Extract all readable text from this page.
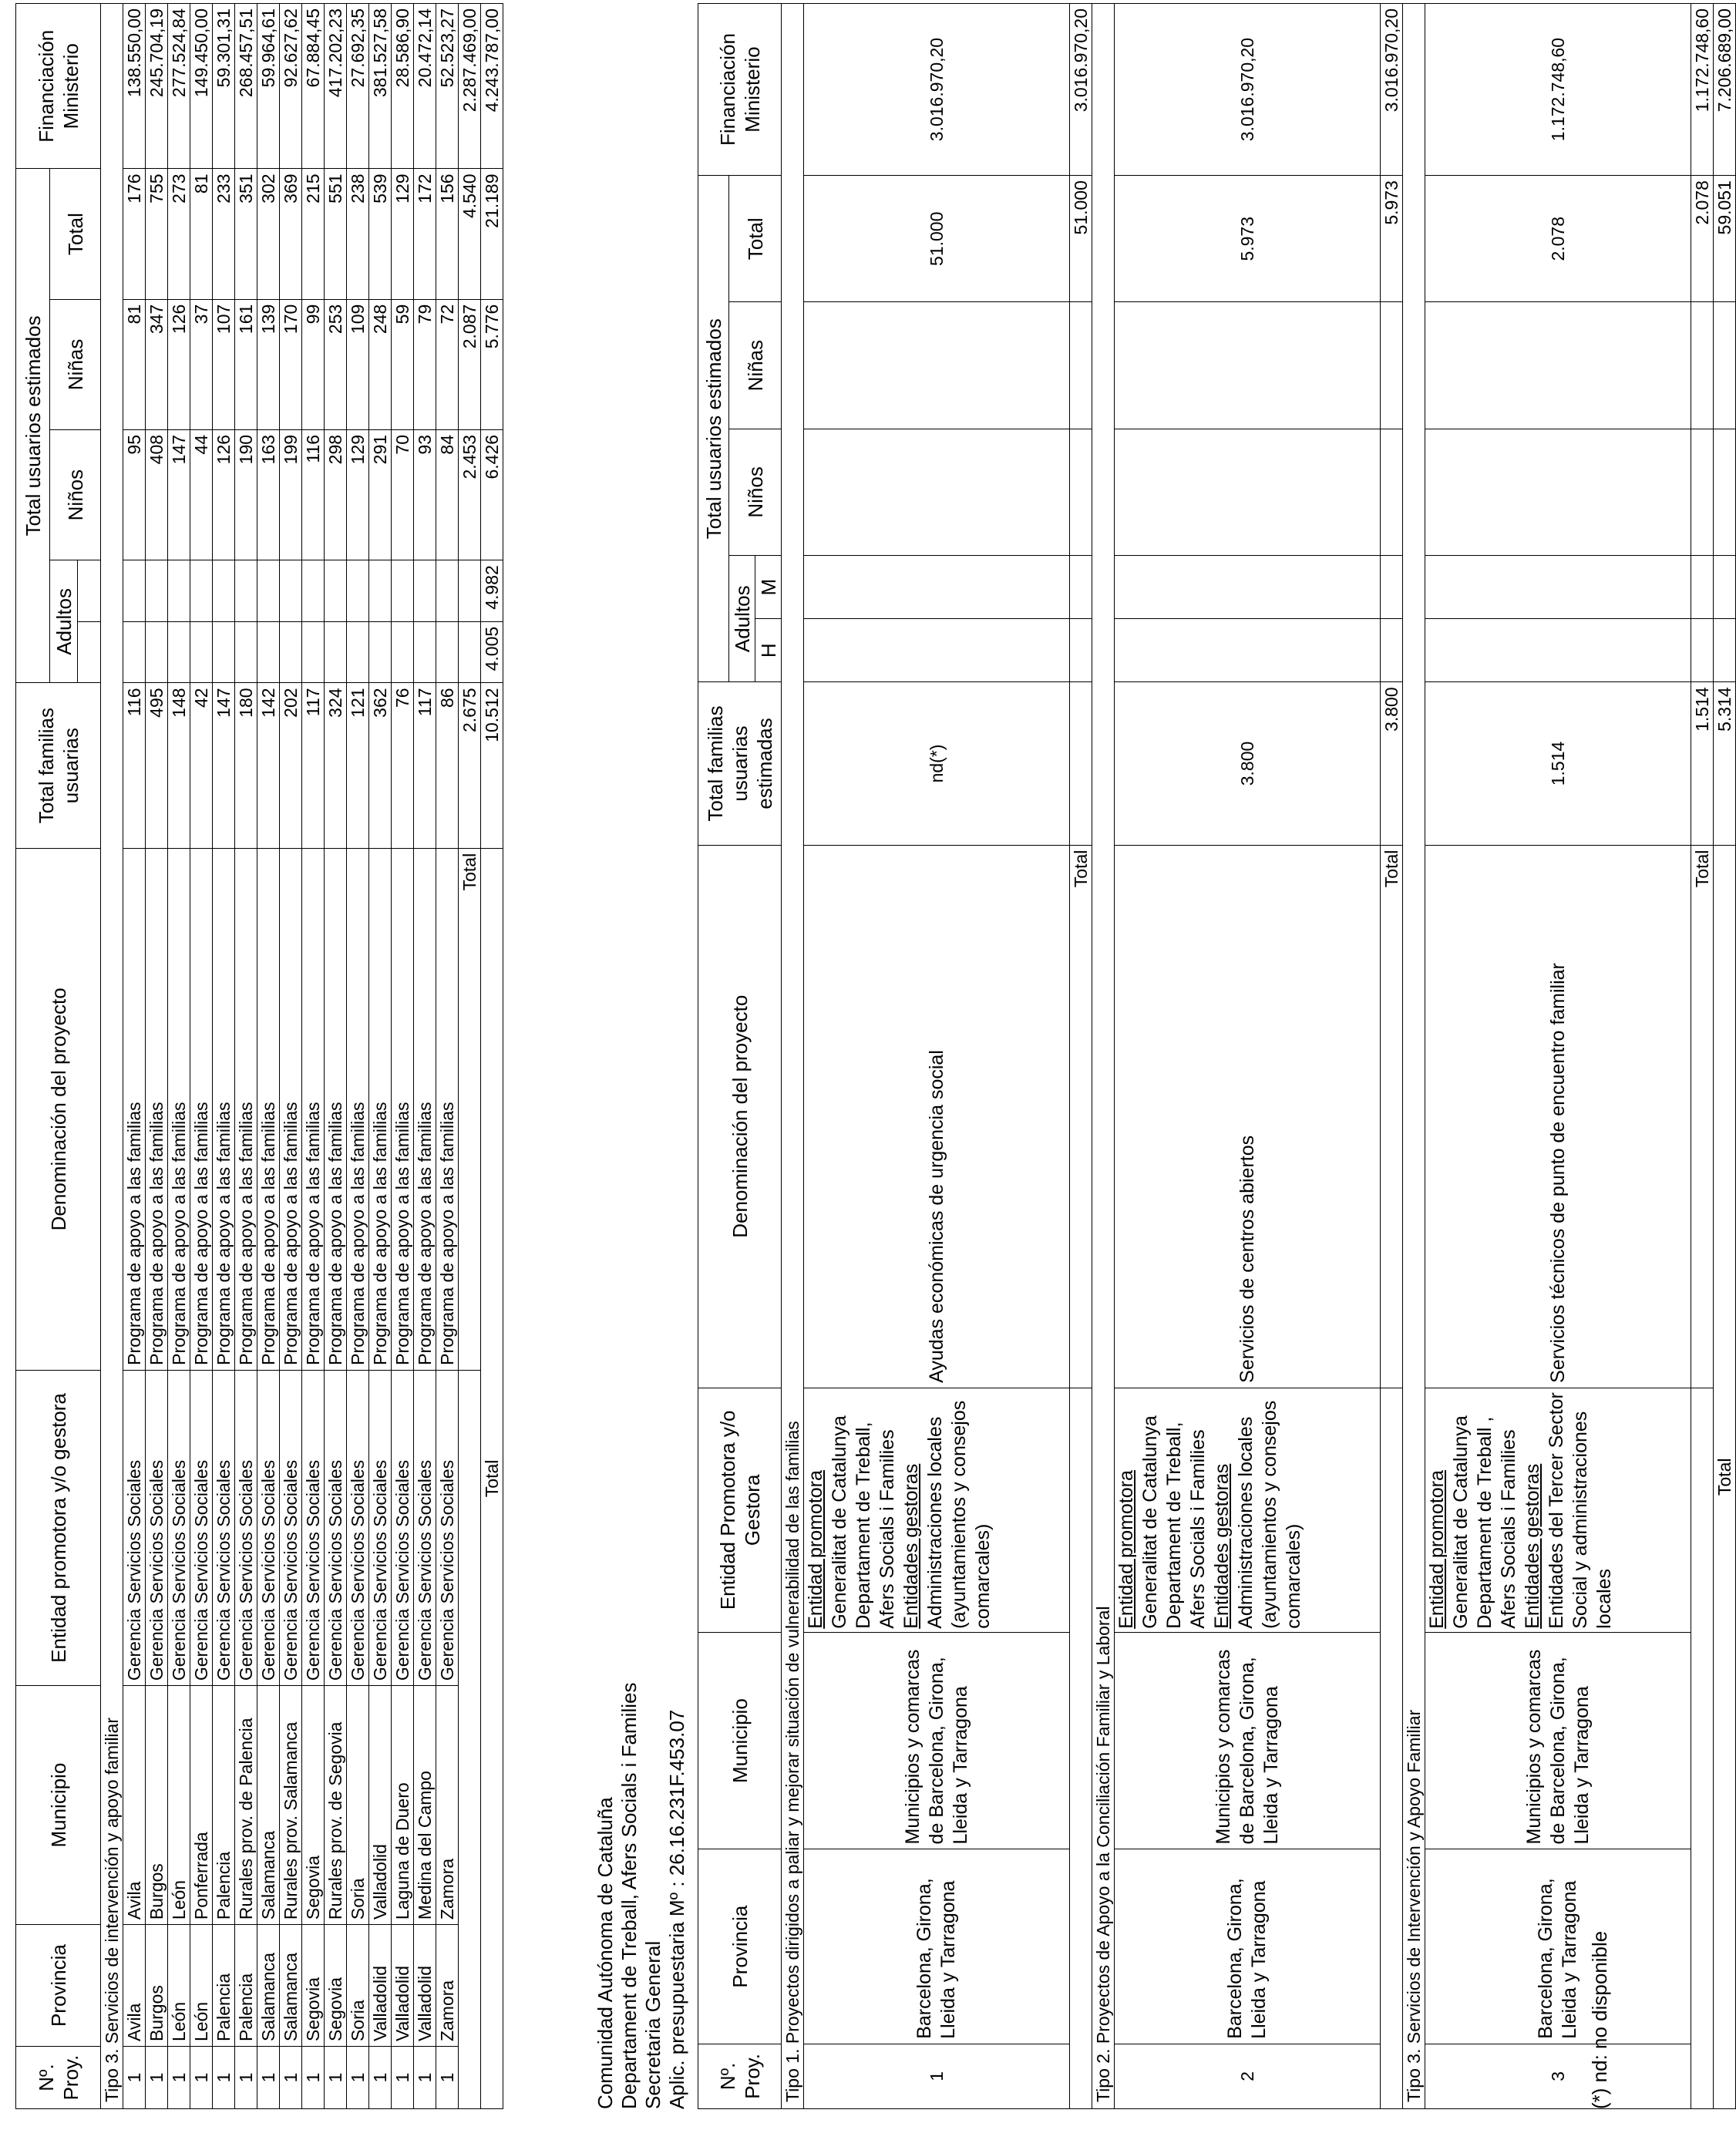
Nº. Proy.	Provincia	Municipio	Entidad promotora y/o gestora	Denominación del proyecto	Total familias usuarias	Total usuarios estimados					Financiación Ministerio
						Adultos		Niños	Niñas	Total	

Tipo 3. Servicios de intervención y apoyo familiar											
1	Avila	Avila	Gerencia Servicios Sociales	Programa de apoyo a las familias	116			95	81	176	138.550,00
1	Burgos	Burgos	Gerencia Servicios Sociales	Programa de apoyo a las familias	495			408	347	755	245.704,19
1	León	León	Gerencia Servicios Sociales	Programa de apoyo a las familias	148			147	126	273	277.524,84
1	León	Ponferrada	Gerencia Servicios Sociales	Programa de apoyo a las familias	42			44	37	81	149.450,00
1	Palencia	Palencia	Gerencia Servicios Sociales	Programa de apoyo a las familias	147			126	107	233	59.301,31
1	Palencia	Rurales prov. de Palencia	Gerencia Servicios Sociales	Programa de apoyo a las familias	180			190	161	351	268.457,51
1	Salamanca	Salamanca	Gerencia Servicios Sociales	Programa de apoyo a las familias	142			163	139	302	59.964,61
1	Salamanca	Rurales prov. Salamanca	Gerencia Servicios Sociales	Programa de apoyo a las familias	202			199	170	369	92.627,62
1	Segovia	Segovia	Gerencia Servicios Sociales	Programa de apoyo a las familias	117			116	99	215	67.884,45
1	Segovia	Rurales prov. de Segovia	Gerencia Servicios Sociales	Programa de apoyo a las familias	324			298	253	551	417.202,23
1	Soria	Soria	Gerencia Servicios Sociales	Programa de apoyo a las familias	121			129	109	238	27.692,35
1	Valladolid	Valladolid	Gerencia Servicios Sociales	Programa de apoyo a las familias	362			291	248	539	381.527,58
1	Valladolid	Laguna de Duero	Gerencia Servicios Sociales	Programa de apoyo a las familias	76			70	59	129	28.586,90
1	Valladolid	Medina del Campo	Gerencia Servicios Sociales	Programa de apoyo a las familias	117			93	79	172	20.472,14
1	Zamora	Zamora	Gerencia Servicios Sociales	Programa de apoyo a las familias	86			84	72	156	52.523,27
				Total	2.675			2.453	2.087	4.540	2.287.469,00
Total					10.512	4.005	4.982	6.426	5.776	21.189	4.243.787,00
Comunidad Autónoma de Cataluña Departament de Treball, Afers Socials i Families Secretaria General Aplic. presupuestaria Mº : 26.16.231F.453.07 Nº. Proy.	Provincia	Municipio	Entidad Promotora y/o Gestora	Denominación del proyecto	Total familias usuarias estimadas	Total usuarios estimados					Financiación Ministerio
						Adultos		Niños	Niñas	Total	
						H	M				
Tipo 1. Proyectos dirigidos a paliar y mejorar situación de vulnerabilidad de las familias											
1	Barcelona, Girona, Lleida y Tarragona	Municipios y comarcas de Barcelona, Girona, Lleida y Tarragona	Entidad promotora Generalitat de Catalunya Departament de Treball, Afers Socials i Families Entidades gestoras Administraciones locales (ayuntamientos y consejos comarcales)	Ayudas económicas de urgencia social	nd(*)					51.000	3.016.970,20
				Total						51.000	3.016.970,20
Tipo 2. Proyectos de Apoyo a la Conciliación Familiar y Laboral											
2	Barcelona, Girona, Lleida y Tarragona	Municipios y comarcas de Barcelona, Girona, Lleida y Tarragona	Entidad promotora Generalitat de Catalunya Departament de Treball, Afers Socials i Families Entidades gestoras Administraciones locales (ayuntamientos y consejos comarcales)	Servicios de centros abiertos	3.800					5.973	3.016.970,20
				Total	3.800					5.973	3.016.970,20
Tipo 3. Servicios de Intervención y Apoyo Familiar											
3	Barcelona, Girona, Lleida y Tarragona	Municipios y comarcas de Barcelona, Girona, Lleida y Tarragona	Entidad promotora Generalitat de Catalunya Departament de Treball , Afers Socials i Families Entidades gestoras Entidades del Tercer Sector Social y administraciones locales	Servicios técnicos de punto de encuentro familiar	1.514					2.078	1.172.748,60
				Total	1.514					2.078	1.172.748,60
Total					5.314					59.051	7.206.689,00
(*) nd: no disponible
